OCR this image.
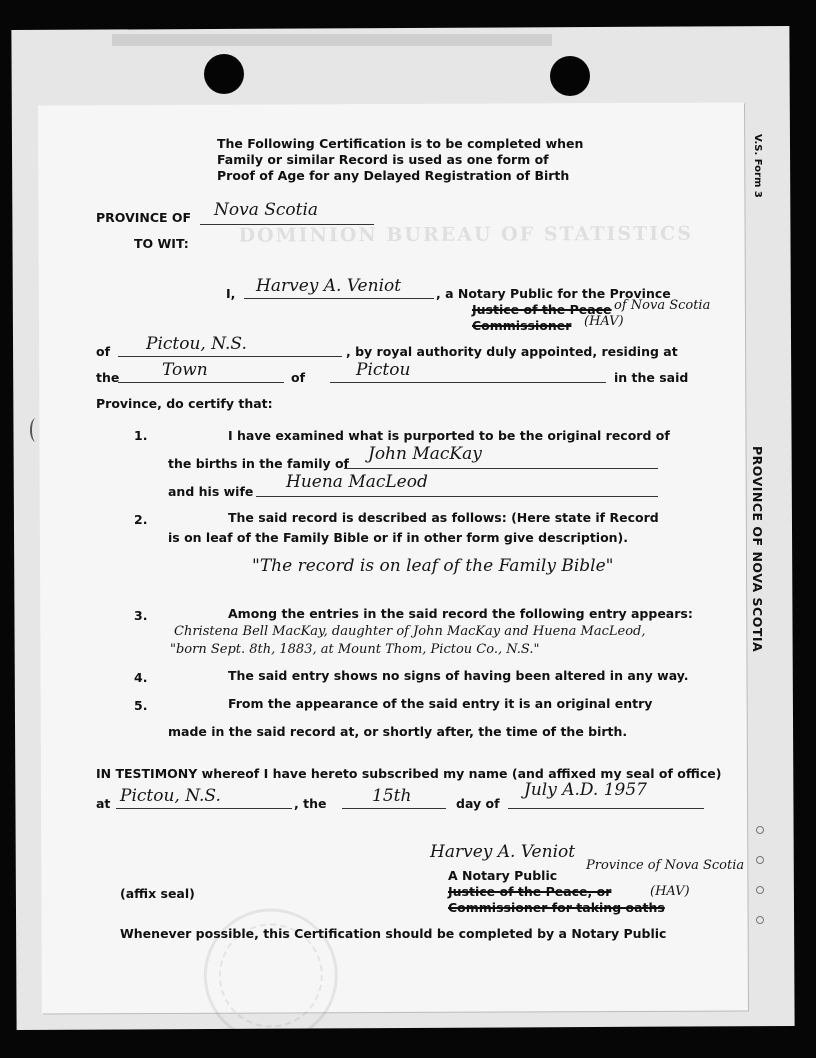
V.S. Form 3
PROVINCE OF NOVA SCOTIA
DOMINION BUREAU OF STATISTICS
The Following Certification is to be completed when
Family or similar Record is used as one form of
Proof of Age for any Delayed Registration of Birth
PROVINCE OF Nova Scotia
TO WIT:
I, Harvey A. Veniot	, a Notary Public for the Province
Justice of the Peace of Nova Scotia
Commissioner (HAV)
of Pictou, N.S.	, by royal authority duly appointed, residing at
the	Town	of	Pictou	in the said
Province, do certify that:
1.	I have examined what is purported to be the original record of
the births in the family of John MacKay
and his wife Huena MacLeod
2.	The said record is described as follows: (Here state if Record
is on leaf of the Family Bible or if in other form give description).
"The record is on leaf of the Family Bible"
3.	Among the entries in the said record the following entry appears:
Christena Bell MacKay, daughter of John MacKay and Huena MacLeod,
"born Sept. 8th, 1883, at Mount Thom, Pictou Co., N.S."
4.	The said entry shows no signs of having been altered in any way.
5.	From the appearance of the said entry it is an original entry
made in the said record at, or shortly after, the time of the birth.
IN TESTIMONY whereof I have hereto subscribed my name (and affixed my seal of office)
at Pictou, N.S.	, the	15th	day of
July A.D. 1957
Harvey A. Veniot
A Notary Public
Province of Nova Scotia
Justice of the Peace, or
(affix seal)
Commissioner for taking oaths
(HAV)
Whenever possible, this Certification should be completed by a Notary Public
